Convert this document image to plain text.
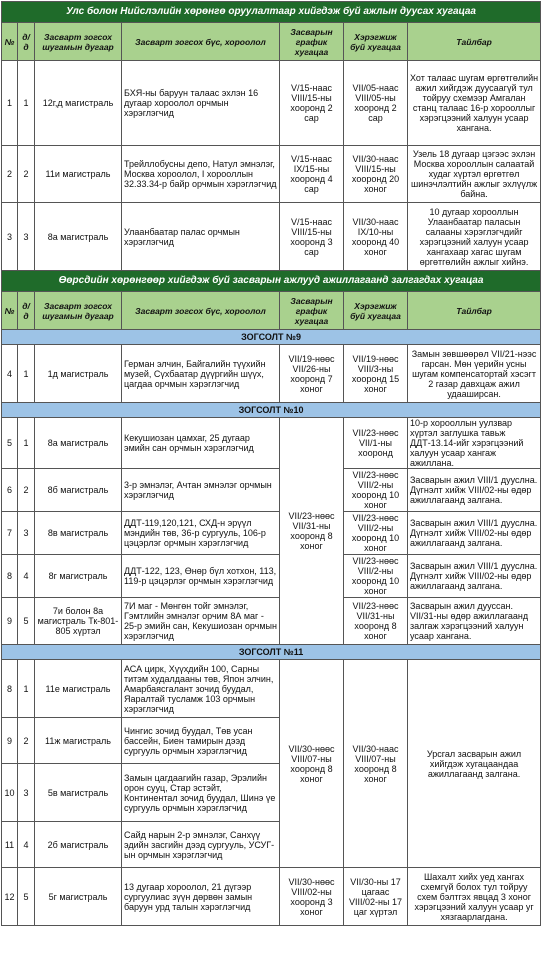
Улс болон Нийслэлийн хөрөнгө оруулалтаар хийгдэж буй ажлын дуусах хугацаа						
№	д/д	Засварт зогсох шугамын дугаар	Засварт зогсох бүс, хороолол	Засварын график хугацаа	Хэрэгжиж буй хугацаа	Тайлбар
1	1	12г,д магистраль	БХЯ-ны баруун талаас эхлэн 16 дугаар хороолол орчмын хэрэглэгчид	V/15-наас VIII/15-ны хооронд 2 сар	VII/05-наас VIII/05-ны хооронд 2 сар	Хот талаас шугам өргөтгөлийн ажил хийгдэж дуусаагүй тул тойруу схемээр Амгалан станц талаас 16-р хорооллыг хэрэгцээний халуун усаар хангана.
2	2	11и магистраль	Трейллобусны депо, Натул эмнэлэг, Москва хороолол, I хорооллын 32.33.34-р байр орчмын хэрэглэгчид	V/15-наас IX/15-ны хооронд 4 сар	VII/30-наас VIII/15-ны хооронд 20 хоног	Узель 18 дугаар цэгээс эхлэн Москва хорооллын салаатай худаг хүртэл өргөтгөл шинэчлэлтийн ажлыг эхлүүлж байна.
3	3	8а магистраль	Улаанбаатар палас орчмын хэрэглэгчид	V/15-наас VIII/15-ны хооронд 3 сар	VII/30-наас IX/10-ны хооронд 40 хоног	10 дугаар хорооллын Улаанбаатар паласын салааны хэрэглэгчдийг хэрэгцээний халуун усаар хангахаар хагас шугам өргөтгөлийн ажлыг хийнэ.
Өөрсдийн хөрөнгөөр хийгдэж буй засварын ажлууд ажиллагаанд залгагдах хугацаа						
№	д/д	Засварт зогсох шугамын дугаар	Засварт зогсох бүс, хороолол	Засварын график хугацаа	Хэрэгжиж буй хугацаа	Тайлбар
ЗОГСОЛТ №9						
4	1	1д магистраль	Герман элчин, Байгалийн түүхийн музей, Сүхбаатар дүүргийн шүүх, цагдаа орчмын хэрэглэгчид	VII/19-нөөс VII/26-ны хооронд 7 хоног	VII/19-нөөс VIII/3-ны хооронд 15 хоног	Замын зөвшөөрөл VII/21-нээс гарсан. Мөн үерийн усны шугам компенсатортай хэсэгт 2 газар давхцаж ажил удааширсан.
ЗОГСОЛТ №10						
5	1	8а магистраль	Кекушиозан цамхаг, 25 дугаар эмийн сан орчмын хэрэглэгчид	VII/23-нөөс VII/31-ны хооронд 8 хоног	VII/23-нөөс VII/1-ны хооронд	10-р хорооллын уулзвар хүртэл заглушка тавьж ДДТ-13.14-ийг хэрэгцээний халуун усаар хангаж ажиллана.
6	2	8б магистраль	3-р эмнэлэг, Ачтан эмнэлэг орчмын хэрэглэгчид		VII/23-нөөс VIII/2-ны хооронд 10 хоног	Засварын ажил VIII/1 дууслна. Дүгнэлт хийж VIII/02-ны өдөр ажиллагаанд залгана.
7	3	8в магистраль	ДДТ-119,120,121, СХД-н эрүүл мэндийн төв, 36-р сургууль, 106-р цэцэрлэг орчмын хэрэглэгчид		VII/23-нөөс VIII/2-ны хооронд 10 хоног	Засварын ажил VIII/1 дууслна. Дүгнэлт хийж VIII/02-ны өдөр ажиллагаанд залгана.
8	4	8г магистраль	ДДТ-122, 123, Өнөр бүл хотхон, 113, 119-р цэцэрлэг орчмын хэрэглэгчид		VII/23-нөөс VIII/2-ны хооронд 10 хоног	Засварын ажил VIII/1 дууслна. Дүгнэлт хийж VIII/02-ны өдөр ажиллагаанд залгана.
9	5	7и болон 8а магистраль Тк-801-805 хүртэл	7И маг - Мөнгөн тойг эмнэлэг, Гэмтлийн эмнэлэг орчим 8А маг - 25-р эмийн сан, Кекушиозан орчмын хэрэглэгчид		VII/23-нөөс VII/31-ны хооронд 8 хоног	Засварын ажил дууссан. VII/31-ны өдөр ажиллагаанд залгаж хэрэгцээний халуун усаар хангана.
ЗОГСОЛТ №11						
8	1	11е магистраль	АСА цирк, Хүүхдийн 100, Сарны титэм худалдааны төв, Япон элчин, Амарбаясгалант зочид буудал, Яаралтай тусламж 103 орчмын хэрэглэгчид	VII/30-нөөс VIII/07-ны хооронд 8 хоног	VII/30-наас VIII/07-ны хооронд 8 хоног	Урсгал засварын ажил хийгдэж хугацаандаа ажиллагаанд залгана.
9	2	11ж магистраль	Чингис зочид буудал, Төв усан бассейн, Биен тамирын дээд сургууль орчмын хэрэглэгчид			
10	3	5в магистраль	Замын цагдаагийн газар, Эрэлийн орон сууц, Стар эстэйт, Континентал зочид буудал, Шинэ үе сургууль орчмын хэрэглэгчид			
11	4	2б магистраль	Сайд нарын 2-р эмнэлэг, Санхүү эдийн засгийн дээд сургууль, УСУГ-ын орчмын хэрэглэгчид			
12	5	5г магистраль	13 дугаар хороолол, 21 дүгээр сургуулиас зүүн дөрвөн замын баруун урд талын хэрэглэгчид	VII/30-нөөс VIII/02-ны хооронд 3 хоног	VII/30-ны 17 цагаас VIII/02-ны 17 цаг хүртэл	Шахалт хийх уед хангах схемгүй болох тул тойруу схем бэлтгэх явцад 3 хоног хэрэгцээний халуун усаар уг хязгаарлагдана.
